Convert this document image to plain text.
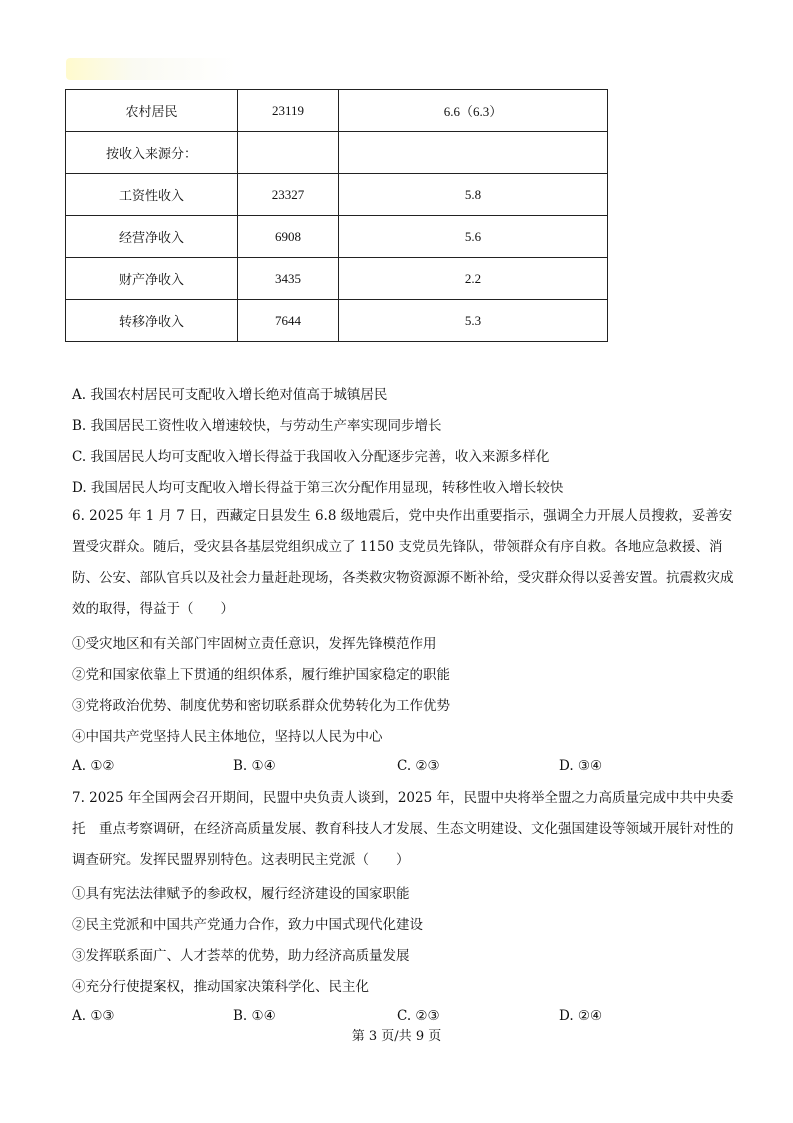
农村居民	23119	6.6（6.3）
按收入来源分：		
工资性收入	23327	5.8
经营净收入	6908	5.6
财产净收入	3435	2.2
转移净收入	7644	5.3
A. 我国农村居民可支配收入增长绝对值高于城镇居民
B. 我国居民工资性收入增速较快，与劳动生产率实现同步增长
C. 我国居民人均可支配收入增长得益于我国收入分配逐步完善，收入来源多样化
D. 我国居民人均可支配收入增长得益于第三次分配作用显现，转移性收入增长较快
6. 2025 年 1 月 7 日，西藏定日县发生 6.8 级地震后，党中央作出重要指示，强调全力开展人员搜救，妥善安置受灾群众。随后，受灾县各基层党组织成立了 1150 支党员先锋队，带领群众有序自救。各地应急救援、消防、公安、部队官兵以及社会力量赶赴现场，各类救灾物资源源不断补给，受灾群众得以妥善安置。抗震救灾成效的取得，得益于（　　）
①受灾地区和有关部门牢固树立责任意识，发挥先锋模范作用
②党和国家依靠上下贯通的组织体系，履行维护国家稳定的职能
③党将政治优势、制度优势和密切联系群众优势转化为工作优势
④中国共产党坚持人民主体地位，坚持以人民为中心
A. ①②	B. ①④	C. ②③	D. ③④
7. 2025 年全国两会召开期间，民盟中央负责人谈到，2025 年，民盟中央将举全盟之力高质量完成中共中央委托　重点考察调研，在经济高质量发展、教育科技人才发展、生态文明建设、文化强国建设等领域开展针对性的调查研究。发挥民盟界别特色。这表明民主党派（　　）
①具有宪法法律赋予的参政权，履行经济建设的国家职能
②民主党派和中国共产党通力合作，致力中国式现代化建设
③发挥联系面广、人才荟萃的优势，助力经济高质量发展
④充分行使提案权，推动国家决策科学化、民主化
A. ①③	B. ①④	C. ②③	D. ②④
第 3 页/共 9 页
